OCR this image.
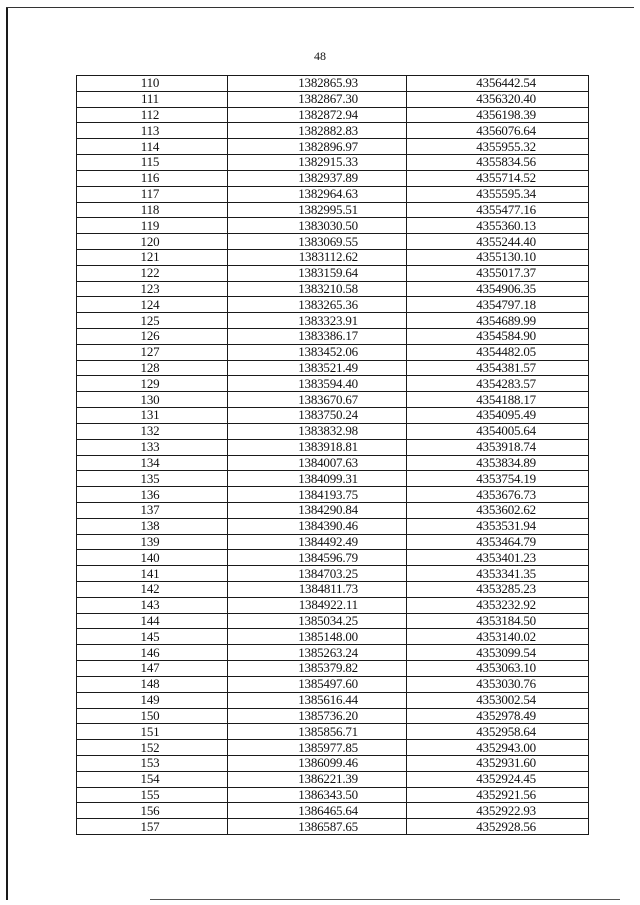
48
110	1382865.93	4356442.54
111	1382867.30	4356320.40
112	1382872.94	4356198.39
113	1382882.83	4356076.64
114	1382896.97	4355955.32
115	1382915.33	4355834.56
116	1382937.89	4355714.52
117	1382964.63	4355595.34
118	1382995.51	4355477.16
119	1383030.50	4355360.13
120	1383069.55	4355244.40
121	1383112.62	4355130.10
122	1383159.64	4355017.37
123	1383210.58	4354906.35
124	1383265.36	4354797.18
125	1383323.91	4354689.99
126	1383386.17	4354584.90
127	1383452.06	4354482.05
128	1383521.49	4354381.57
129	1383594.40	4354283.57
130	1383670.67	4354188.17
131	1383750.24	4354095.49
132	1383832.98	4354005.64
133	1383918.81	4353918.74
134	1384007.63	4353834.89
135	1384099.31	4353754.19
136	1384193.75	4353676.73
137	1384290.84	4353602.62
138	1384390.46	4353531.94
139	1384492.49	4353464.79
140	1384596.79	4353401.23
141	1384703.25	4353341.35
142	1384811.73	4353285.23
143	1384922.11	4353232.92
144	1385034.25	4353184.50
145	1385148.00	4353140.02
146	1385263.24	4353099.54
147	1385379.82	4353063.10
148	1385497.60	4353030.76
149	1385616.44	4353002.54
150	1385736.20	4352978.49
151	1385856.71	4352958.64
152	1385977.85	4352943.00
153	1386099.46	4352931.60
154	1386221.39	4352924.45
155	1386343.50	4352921.56
156	1386465.64	4352922.93
157	1386587.65	4352928.56
